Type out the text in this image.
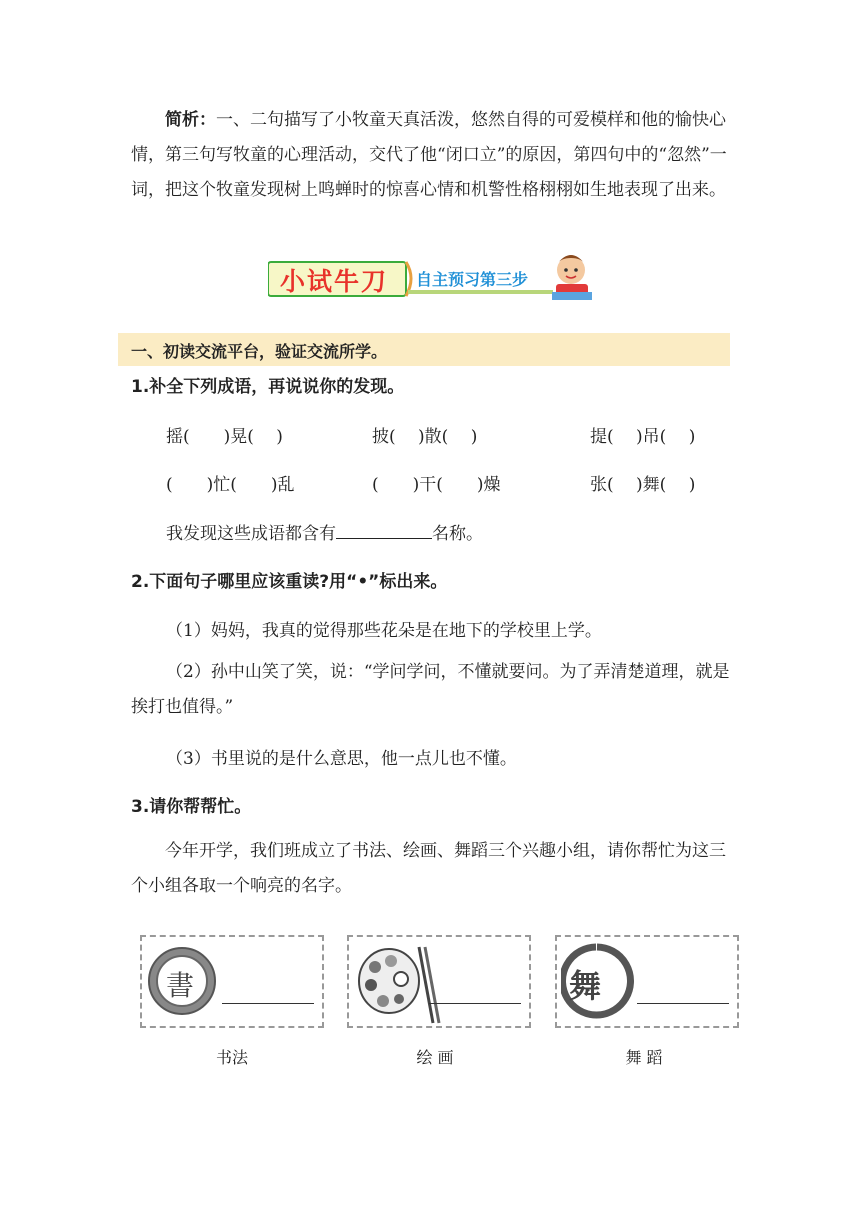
简析：一、二句描写了小牧童天真活泼，悠然自得的可爱模样和他的愉快心情，第三句写牧童的心理活动，交代了他“闭口立”的原因，第四句中的“忽然”一词，把这个牧童发现树上鸣蝉时的惊喜心情和机警性格栩栩如生地表现了出来。

小试牛刀 自主预习第三步
一、初读交流平台，验证交流所学。

1.补全下列成语，再说说你的发现。

摇(　　)晃(　 )	披(　 )散(　 )	提(　 )吊(　 )
(　　)忙(　　)乱	(　　)干(　　)燥	张(　 )舞(　 )
我发现这些成语都含有	名称。

2.下面句子哪里应该重读?用“•”标出来。

（1）妈妈，我真的觉得那些花朵是在地下的学校里上学。

（2）孙中山笑了笑，说：“学问学问，不懂就要问。为了弄清楚道理，就是挨打也值得。”

（3）书里说的是什么意思，他一点儿也不懂。

3.请你帮帮忙。

今年开学，我们班成立了书法、绘画、舞蹈三个兴趣小组，请你帮忙为这三个小组各取一个响亮的名字。

書	舞
书法	绘 画	舞 蹈
